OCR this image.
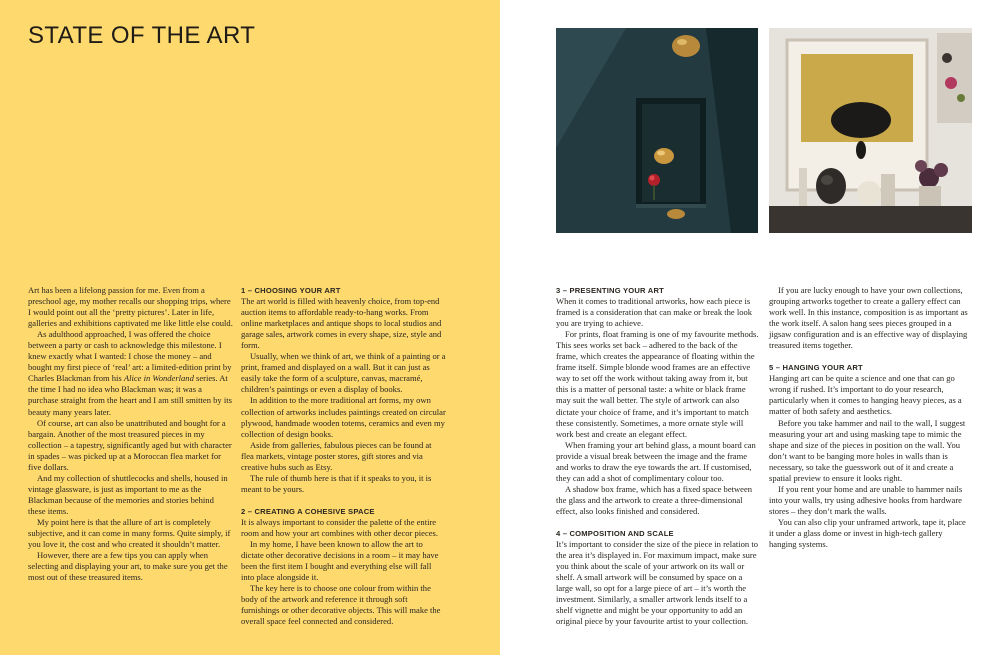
STATE OF THE ART

Art has been a lifelong passion for me. Even from a preschool age, my mother recalls our shopping trips, where I would point out all the ‘pretty pictures’. Later in life, galleries and exhibitions captivated me like little else could.

As adulthood approached, I was offered the choice between a party or cash to acknowledge this milestone. I knew exactly what I wanted: I chose the money – and bought my first piece of ‘real’ art: a limited-edition print by Charles Blackman from his Alice in Wonderland series. At the time I had no idea who Blackman was; it was a purchase straight from the heart and I am still smitten by its beauty many years later.

Of course, art can also be unattributed and bought for a bargain. Another of the most treasured pieces in my collection – a tapestry, significantly aged but with character in spades – was picked up at a Moroccan flea market for five dollars.

And my collection of shuttlecocks and shells, housed in vintage glassware, is just as important to me as the Blackman because of the memories and stories behind these items.

My point here is that the allure of art is completely subjective, and it can come in many forms. Quite simply, if you love it, the cost and who created it shouldn’t matter.

However, there are a few tips you can apply when selecting and displaying your art, to make sure you get the most out of these treasured items.

1 – CHOOSING YOUR ART

The art world is filled with heavenly choice, from top-end auction items to affordable ready-to-hang works. From online marketplaces and antique shops to local studios and garage sales, artwork comes in every shape, size, style and form.

Usually, when we think of art, we think of a painting or a print, framed and displayed on a wall. But it can just as easily take the form of a sculpture, canvas, macramé, children’s paintings or even a display of books.

In addition to the more traditional art forms, my own collection of artworks includes paintings created on circular plywood, handmade wooden totems, ceramics and even my collection of design books.

Aside from galleries, fabulous pieces can be found at flea markets, vintage poster stores, gift stores and via creative hubs such as Etsy.

The rule of thumb here is that if it speaks to you, it is meant to be yours.

2 – CREATING A COHESIVE SPACE

It is always important to consider the palette of the entire room and how your art combines with other decor pieces.

In my home, I have been known to allow the art to dictate other decorative decisions in a room – it may have been the first item I bought and everything else will fall into place alongside it.

The key here is to choose one colour from within the body of the artwork and reference it through soft furnishings or other decorative objects. This will make the overall space feel connected and considered.

3 – PRESENTING YOUR ART

When it comes to traditional artworks, how each piece is framed is a consideration that can make or break the look you are trying to achieve.

For prints, float framing is one of my favourite methods. This sees works set back – adhered to the back of the frame, which creates the appearance of floating within the frame itself. Simple blonde wood frames are an effective way to set off the work without taking away from it, but this is a matter of personal taste: a white or black frame may suit the wall better. The style of artwork can also dictate your choice of frame, and it’s important to match these consistently. Sometimes, a more ornate style will work best and create an elegant effect.

When framing your art behind glass, a mount board can provide a visual break between the image and the frame and works to draw the eye towards the art. If customised, they can add a shot of complimentary colour too.

A shadow box frame, which has a fixed space between the glass and the artwork to create a three-dimensional effect, also looks finished and considered.

4 – COMPOSITION AND SCALE

It’s important to consider the size of the piece in relation to the area it’s displayed in. For maximum impact, make sure you think about the scale of your artwork on its wall or shelf. A small artwork will be consumed by space on a large wall, so opt for a large piece of art – it’s worth the investment. Similarly, a smaller artwork lends itself to a shelf vignette and might be your opportunity to add an original piece by your favourite artist to your collection.

If you are lucky enough to have your own collections, grouping artworks together to create a gallery effect can work well. In this instance, composition is as important as the work itself. A salon hang sees pieces grouped in a jigsaw configuration and is an effective way of displaying treasured items together.

5 – HANGING YOUR ART

Hanging art can be quite a science and one that can go wrong if rushed. It’s important to do your research, particularly when it comes to hanging heavy pieces, as a matter of both safety and aesthetics.

Before you take hammer and nail to the wall, I suggest measuring your art and using masking tape to mimic the shape and size of the pieces in position on the wall. You don’t want to be banging more holes in walls than is necessary, so take the guesswork out of it and create a spatial preview to ensure it looks right.

If you rent your home and are unable to hammer nails into your walls, try using adhesive hooks from hardware stores – they don’t mark the walls.

You can also clip your unframed artwork, tape it, place it under a glass dome or invest in high-tech gallery hanging systems.
